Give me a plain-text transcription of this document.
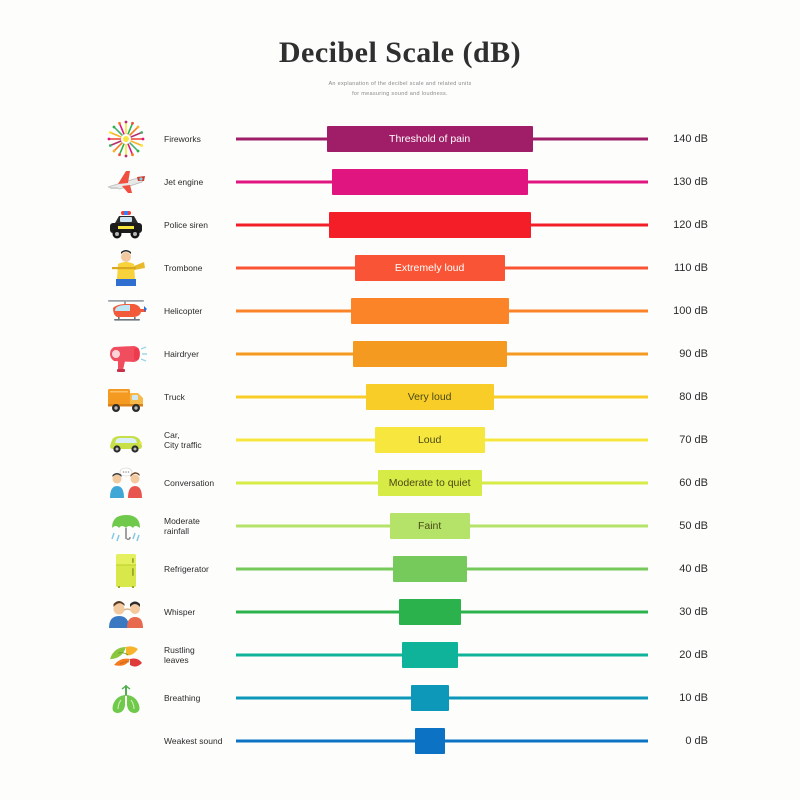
Decibel Scale (dB)

An explanation of the decibel scale and related units
for measuring sound and loudness.

Fireworks	Threshold of pain	140 dB
Jet engine	130 dB
Police siren	120 dB
Trombone	Extremely loud	110 dB
Helicopter	100 dB
Hairdryer	90 dB
Truck	Very loud	80 dB
Car,
City traffic	Loud	70 dB
Conversation	Moderate to quiet	60 dB
Moderate
rainfall	Faint	50 dB
Refrigerator	40 dB
Whisper	30 dB
Rustling
leaves	20 dB
Breathing	10 dB
Weakest sound	0 dB
